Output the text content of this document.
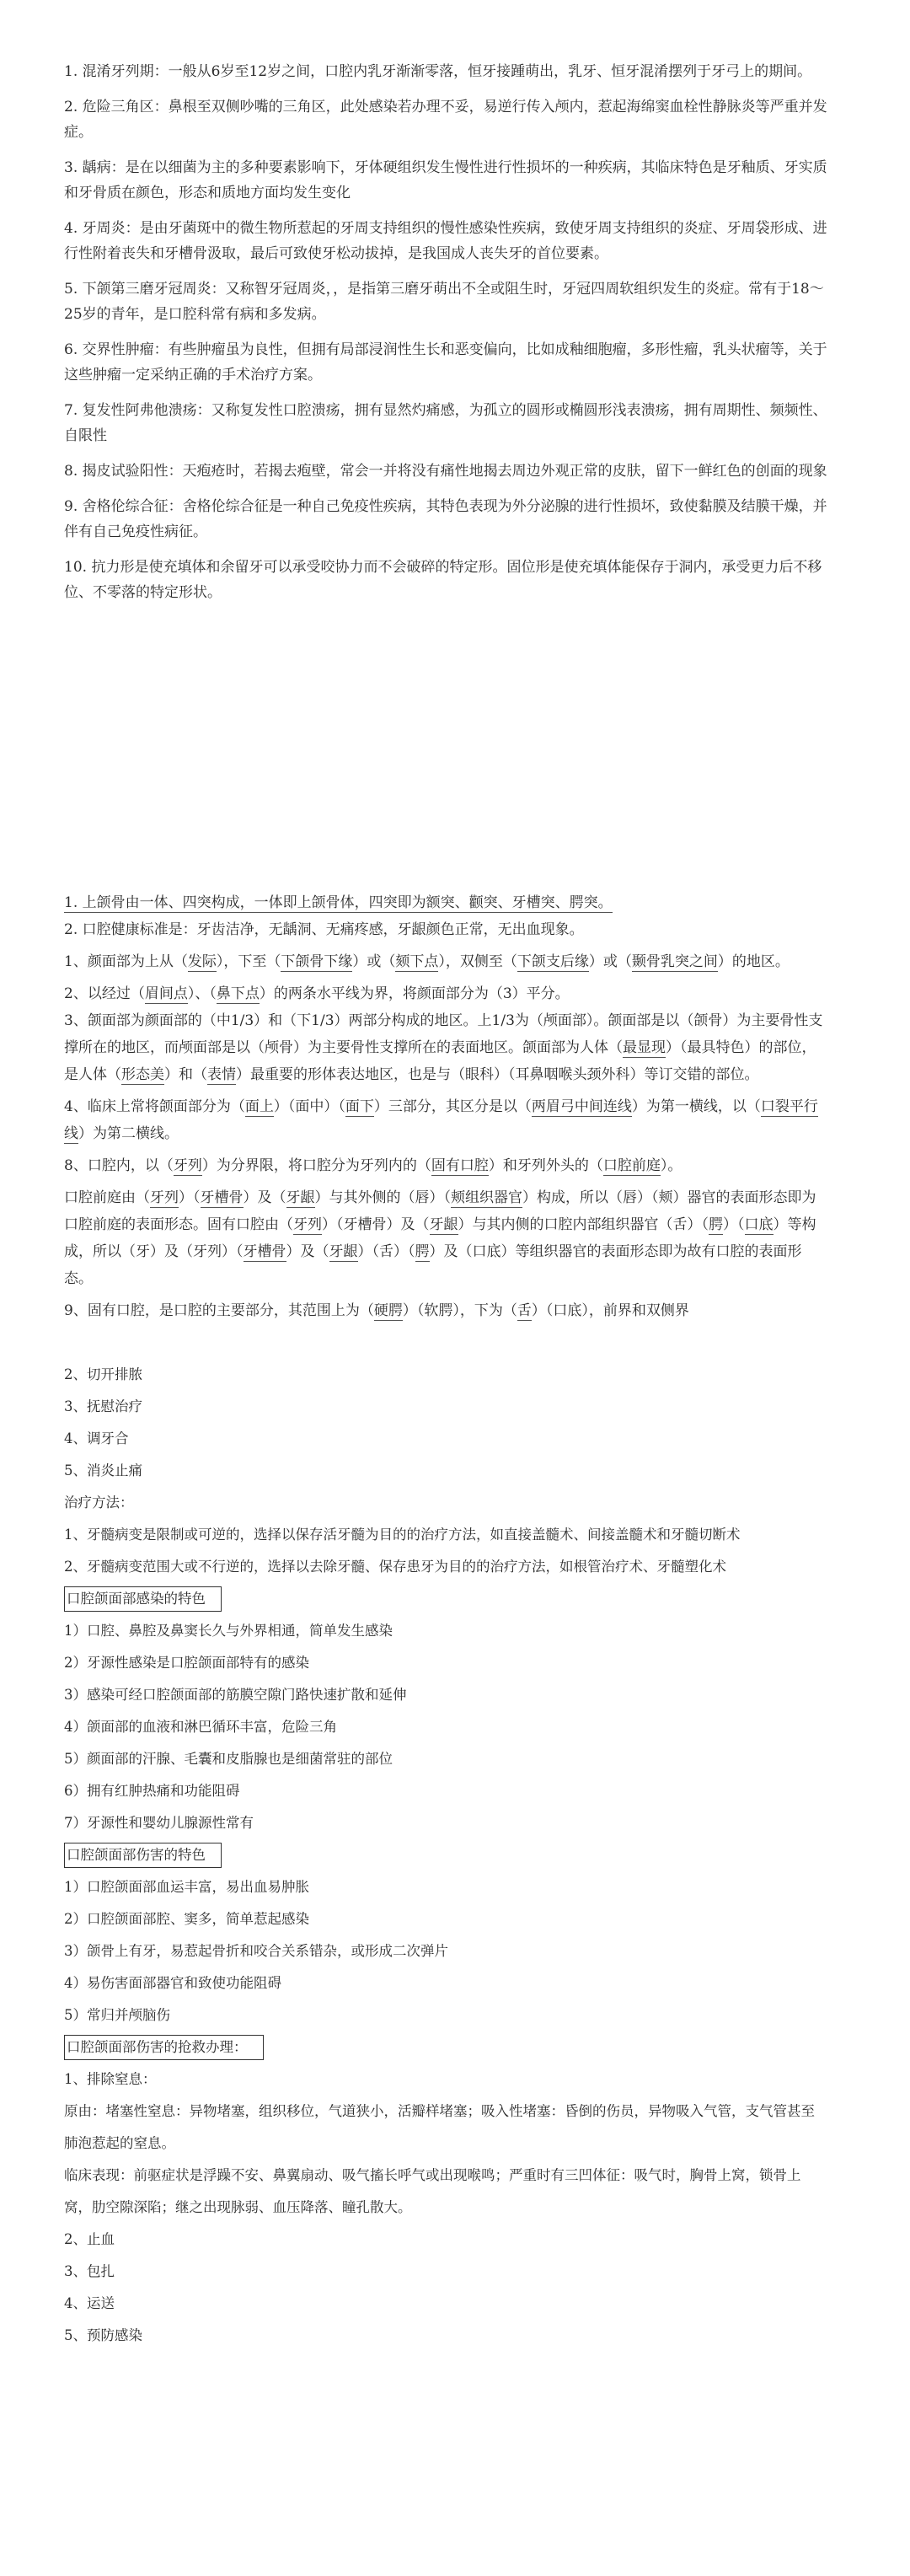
1. 混淆牙列期：一般从6岁至12岁之间，口腔内乳牙渐渐零落，恒牙接踵萌出，乳牙、恒牙混淆摆列于牙弓上的期间。

2. 危险三角区：鼻根至双侧吵嘴的三角区，此处感染若办理不妥，易逆行传入颅内，惹起海绵窦血栓性静脉炎等严重并发症。

3. 龋病：是在以细菌为主的多种要素影响下，牙体硬组织发生慢性进行性损坏的一种疾病，其临床特色是牙釉质、牙实质和牙骨质在颜色，形态和质地方面均发生变化

4. 牙周炎：是由牙菌斑中的微生物所惹起的牙周支持组织的慢性感染性疾病，致使牙周支持组织的炎症、牙周袋形成、进行性附着丧失和牙槽骨汲取，最后可致使牙松动拔掉，是我国成人丧失牙的首位要素。

5. 下颌第三磨牙冠周炎：又称智牙冠周炎，，是指第三磨牙萌出不全或阻生时，牙冠四周软组织发生的炎症。常有于18～25岁的青年，是口腔科常有病和多发病。

6. 交界性肿瘤：有些肿瘤虽为良性，但拥有局部浸润性生长和恶变偏向，比如成釉细胞瘤，多形性瘤，乳头状瘤等，关于这些肿瘤一定采纳正确的手术治疗方案。

7. 复发性阿弗他溃疡：又称复发性口腔溃疡，拥有显然灼痛感，为孤立的圆形或椭圆形浅表溃疡，拥有周期性、频频性、自限性

8. 揭皮试验阳性：天疱疮时，若揭去疱壁，常会一并将没有痛性地揭去周边外观正常的皮肤，留下一鲜红色的创面的现象

9. 舍格伦综合征：舍格伦综合征是一种自己免疫性疾病，其特色表现为外分泌腺的进行性损坏，致使黏膜及结膜干燥，并伴有自己免疫性病征。

10. 抗力形是使充填体和余留牙可以承受咬协力而不会破碎的特定形。固位形是使充填体能保存于洞内，承受更力后不移位、不零落的特定形状。

1. 上颌骨由一体、四突构成，一体即上颌骨体，四突即为额突、颧突、牙槽突、腭突。

2. 口腔健康标准是：牙齿洁净，无龋洞、无痛疼感，牙龈颜色正常，无出血现象。

1、颜面部为上从（发际），下至（下颌骨下缘）或（颏下点），双侧至（下颌支后缘）或（颞骨乳突之间）的地区。

2、以经过（眉间点）、（鼻下点）的两条水平线为界，将颜面部分为（3）平分。

3、颌面部为颜面部的（中1/3）和（下1/3）两部分构成的地区。上1/3为（颅面部）。颌面部是以（颌骨）为主要骨性支撑所在的地区，而颅面部是以（颅骨）为主要骨性支撑所在的表面地区。颌面部为人体（最显现）（最具特色）的部位，是人体（形态美）和（表情）最重要的形体表达地区，也是与（眼科）（耳鼻咽喉头颈外科）等订交错的部位。

4、临床上常将颌面部分为（面上）（面中）（面下）三部分，其区分是以（两眉弓中间连线）为第一横线，以（口裂平行线）为第二横线。

8、口腔内，以（牙列）为分界限，将口腔分为牙列内的（固有口腔）和牙列外头的（口腔前庭）。

口腔前庭由（牙列）（牙槽骨）及（牙龈）与其外侧的（唇）（颊组织器官）构成，所以（唇）（颊）器官的表面形态即为口腔前庭的表面形态。固有口腔由（牙列）（牙槽骨）及（牙龈）与其内侧的口腔内部组织器官（舌）（腭）（口底）等构成，所以（牙）及（牙列）（牙槽骨）及（牙龈）（舌）（腭）及（口底）等组织器官的表面形态即为故有口腔的表面形态。

9、固有口腔，是口腔的主要部分，其范围上为（硬腭）（软腭），下为（舌）（口底），前界和双侧界

2、切开排脓

3、抚慰治疗

4、调牙合

5、消炎止痛

治疗方法：

1、牙髓病变是限制或可逆的，选择以保存活牙髓为目的的治疗方法，如直接盖髓术、间接盖髓术和牙髓切断术

2、牙髓病变范围大或不行逆的，选择以去除牙髓、保存患牙为目的的治疗方法，如根管治疗术、牙髓塑化术

口腔颌面部感染的特色

1）口腔、鼻腔及鼻窦长久与外界相通，简单发生感染

2）牙源性感染是口腔颌面部特有的感染

3）感染可经口腔颌面部的筋膜空隙门路快速扩散和延伸

4）颌面部的血液和淋巴循环丰富，危险三角

5）颜面部的汗腺、毛囊和皮脂腺也是细菌常驻的部位

6）拥有红肿热痛和功能阻碍

7）牙源性和婴幼儿腺源性常有

口腔颌面部伤害的特色

1）口腔颌面部血运丰富，易出血易肿胀

2）口腔颌面部腔、窦多，简单惹起感染

3）颌骨上有牙，易惹起骨折和咬合关系错杂，或形成二次弹片

4）易伤害面部器官和致使功能阻碍

5）常归并颅脑伤

口腔颌面部伤害的抢救办理：

1、排除窒息：

原由：堵塞性窒息：异物堵塞，组织移位，气道狭小，活瓣样堵塞；吸入性堵塞：昏倒的伤员，异物吸入气管，支气管甚至肺泡惹起的窒息。

临床表现：前驱症状是浮躁不安、鼻翼扇动、吸气搐长呼气或出现喉鸣；严重时有三凹体征：吸气时，胸骨上窝，锁骨上窝，肋空隙深陷；继之出现脉弱、血压降落、瞳孔散大。

2、止血

3、包扎

4、运送

5、预防感染
